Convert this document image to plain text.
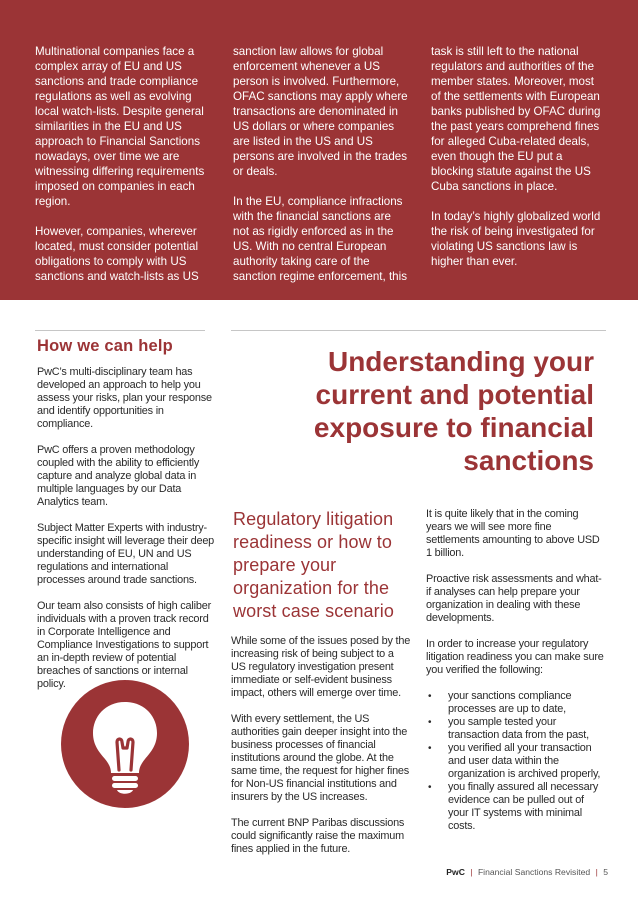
Multinational companies face a complex array of EU and US sanctions and trade compliance regulations as well as evolving local watch-lists. Despite general similarities in the EU and US approach to Financial Sanctions nowadays, over time we are witnessing differing requirements imposed on companies in each region.

However, companies, wherever located, must consider potential obligations to comply with US sanctions and watch-lists as US

sanction law allows for global enforcement whenever a US person is involved. Furthermore, OFAC sanctions may apply where transactions are denominated in US dollars or where companies are listed in the US and US persons are involved in the trades or deals.

In the EU, compliance infractions with the financial sanctions are not as rigidly enforced as in the US. With no central European authority taking care of the sanction regime enforcement, this

task is still left to the national regulators and authorities of the member states. Moreover, most of the settlements with European banks published by OFAC during the past years comprehend fines for alleged Cuba-related deals, even though the EU put a blocking statute against the US Cuba sanctions in place.

In today’s highly globalized world the risk of being investigated for violating US sanctions law is higher than ever.

How we can help

PwC’s multi-disciplinary team has developed an approach to help you assess your risks, plan your response and identify opportunities in compliance.

PwC offers a proven methodology coupled with the ability to efficiently capture and analyze global data in multiple languages by our Data Analytics team.

Subject Matter Experts with industry-specific insight will leverage their deep understanding of EU, UN and US regulations and international processes around trade sanctions.

Our team also consists of high caliber individuals with a proven track record in Corporate Intelligence and Compliance Investigations to support an in-depth review of potential breaches of sanctions or internal policy.

Understanding your current and potential exposure to financial sanctions
Regulatory litigation readiness or how to prepare your organization for the worst case scenario

While some of the issues posed by the increasing risk of being subject to a US regulatory investigation present immediate or self-evident business impact, others will emerge over time.

With every settlement, the US authorities gain deeper insight into the business processes of financial institutions around the globe. At the same time, the request for higher fines for Non-US financial institutions and insurers by the US increases.

The current BNP Paribas discussions could significantly raise the maximum fines applied in the future.

It is quite likely that in the coming years we will see more fine settlements amounting to above USD 1 billion.

Proactive risk assessments and what-if analyses can help prepare your organization in dealing with these developments.

In order to increase your regulatory litigation readiness you can make sure you verified the following:

• your sanctions compliance processes are up to date,
• you sample tested your transaction data from the past,
• you verified all your transaction and user data within the organization is archived properly,
• you finally assured all necessary evidence can be pulled out of your IT systems with minimal costs.
PwC | Financial Sanctions Revisited | 5
